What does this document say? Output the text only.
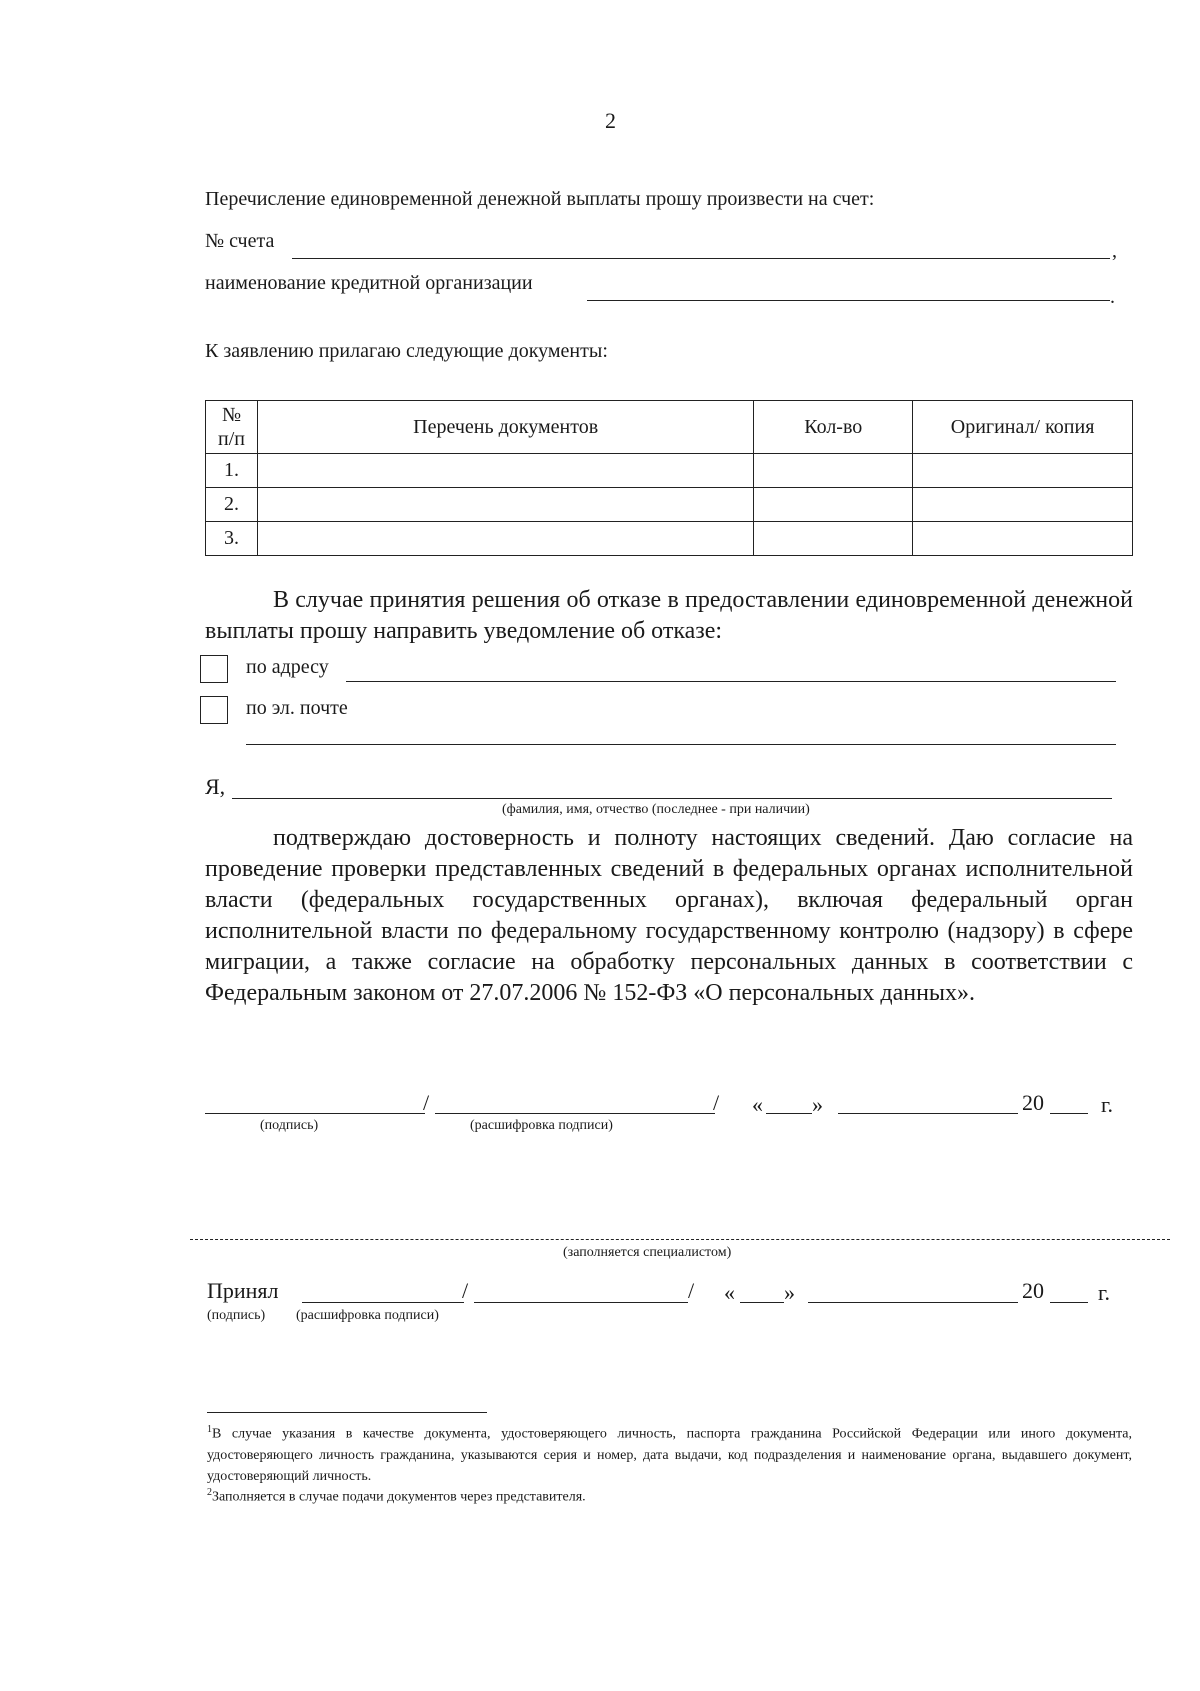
2
Перечисление единовременной денежной выплаты прошу произвести на счет:
№ счета	,
наименование кредитной организации
.
К заявлению прилагаю следующие документы:
№ п/п	Перечень документов	Кол-во	Оригинал/ копия
1.			
2.			
3.			
В случае принятия решения об отказе в предоставлении единовременной денежной выплаты прошу направить уведомление об отказе:
по адресу
по эл. почте
Я,
(фамилия, имя, отчество (последнее - при наличии)
подтверждаю достоверность и полноту настоящих сведений. Даю согласие на проведение проверки представленных сведений в федеральных органах исполнительной власти (федеральных государственных органах), включая федеральный орган исполнительной власти по федеральному государственному контролю (надзору) в сфере миграции, а также согласие на обработку персональных данных в соответствии с Федеральным законом от 27.07.2006 № 152-ФЗ «О персональных данных».
/	/ « »	20	г.
(подпись)	(расшифровка подписи)
(заполняется специалистом)
Принял	/	/ « »	20 г.
(подпись) (расшифровка подписи)
$^1$В случае указания в качестве документа, удостоверяющего личность, паспорта гражданина Российской Федерации или иного документа, удостоверяющего личность гражданина, указываются серия и номер, дата выдачи, код подразделения и наименование органа, выдавшего документ, удостоверяющий личность.
$^2$Заполняется в случае подачи документов через представителя.
